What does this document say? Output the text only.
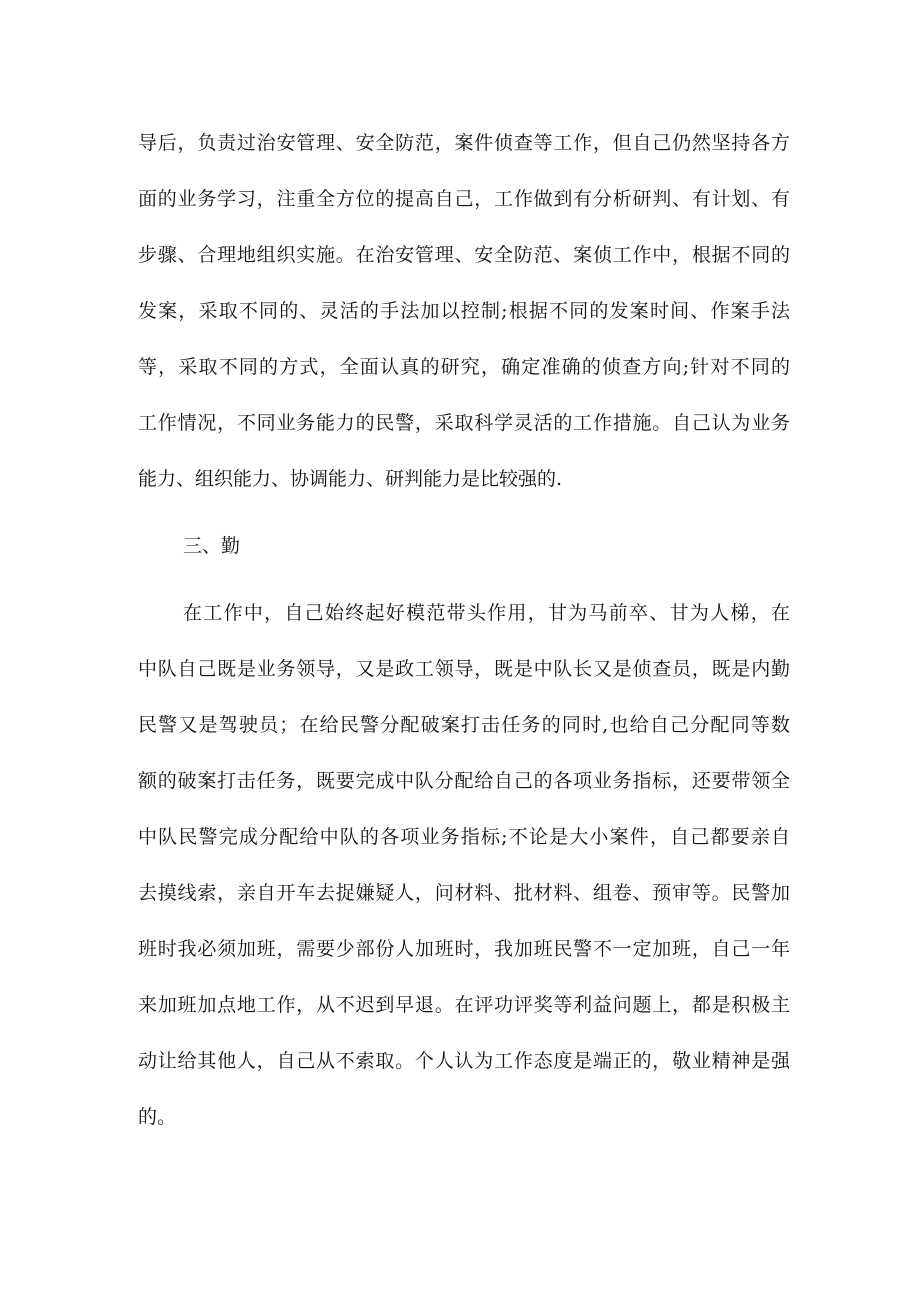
导后，负责过治安管理、安全防范，案件侦查等工作，但自己仍然坚持各方
面的业务学习，注重全方位的提高自己，工作做到有分析研判、有计划、有
步骤、合理地组织实施。在治安管理、安全防范、案侦工作中，根据不同的
发案，采取不同的、灵活的手法加以控制;根据不同的发案时间、作案手法
等，采取不同的方式，全面认真的研究，确定准确的侦查方向;针对不同的
工作情况，不同业务能力的民警，采取科学灵活的工作措施。自己认为业务
能力、组织能力、协调能力、研判能力是比较强的.
三、勤
在工作中，自己始终起好模范带头作用，甘为马前卒、甘为人梯，在
中队自己既是业务领导，又是政工领导，既是中队长又是侦查员，既是内勤
民警又是驾驶员；在给民警分配破案打击任务的同时,也给自己分配同等数
额的破案打击任务，既要完成中队分配给自己的各项业务指标，还要带领全
中队民警完成分配给中队的各项业务指标;不论是大小案件，自己都要亲自
去摸线索，亲自开车去捉嫌疑人，问材料、批材料、组卷、预审等。民警加
班时我必须加班，需要少部份人加班时，我加班民警不一定加班，自己一年
来加班加点地工作，从不迟到早退。在评功评奖等利益问题上，都是积极主
动让给其他人，自己从不索取。个人认为工作态度是端正的，敬业精神是强
的。
